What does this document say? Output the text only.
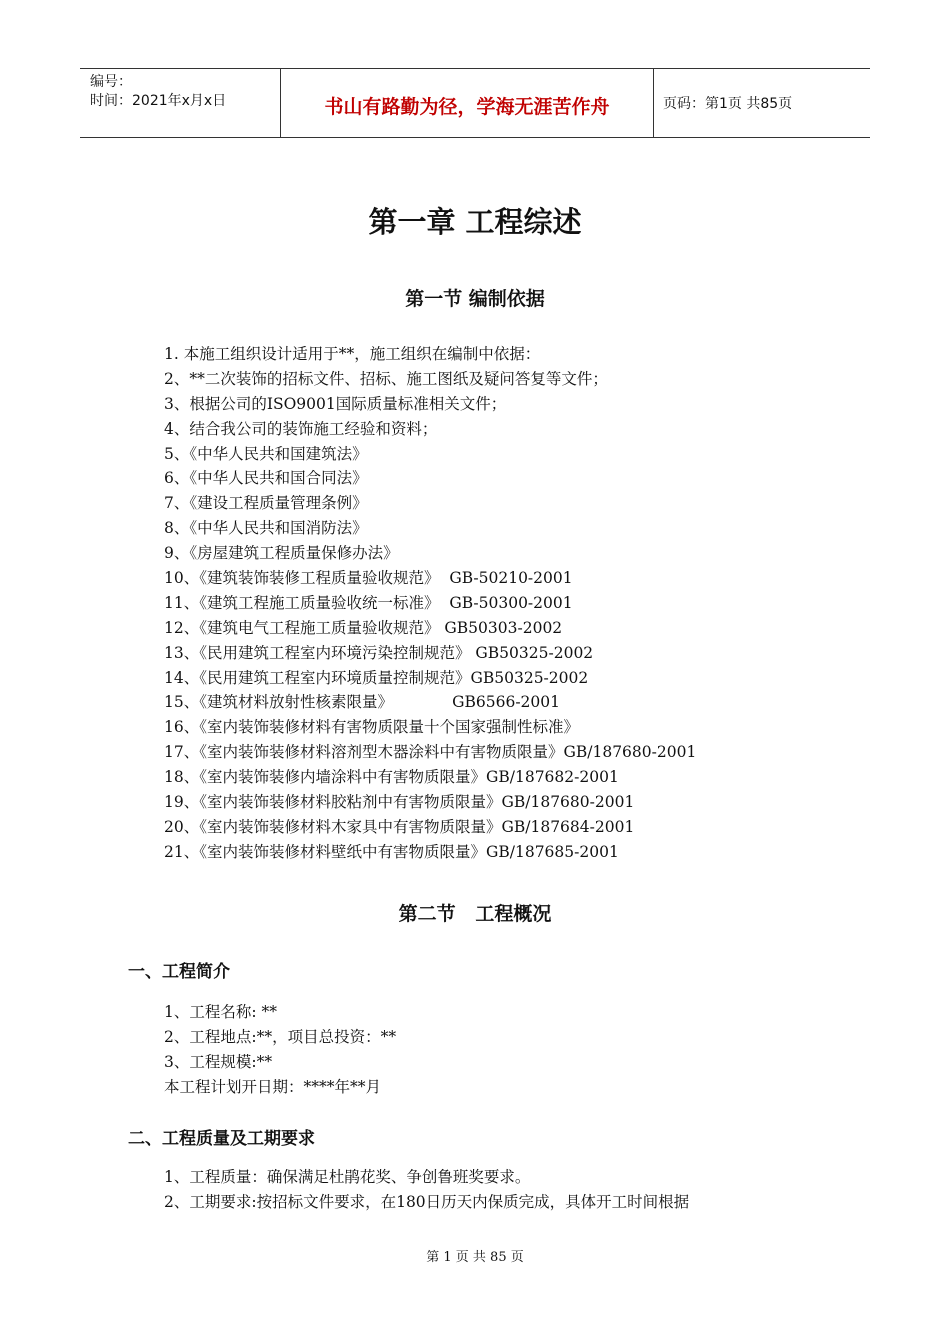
编号：
时间：2021年x月x日	书山有路勤为径，学海无涯苦作舟	页码：第1页 共85页
第一章 工程综述
第一节 编制依据
1. 本施工组织设计适用于**，施工组织在编制中依据：
2、**二次装饰的招标文件、招标、施工图纸及疑问答复等文件；
3、根据公司的ISO9001国际质量标准相关文件；
4、结合我公司的装饰施工经验和资料；
5、《中华人民共和国建筑法》
6、《中华人民共和国合同法》
7、《建设工程质量管理条例》
8、《中华人民共和国消防法》
9、《房屋建筑工程质量保修办法》
10、《建筑装饰装修工程质量验收规范》  GB-50210-2001
11、《建筑工程施工质量验收统一标准》  GB-50300-2001
12、《建筑电气工程施工质量验收规范》 GB50303-2002
13、《民用建筑工程室内环境污染控制规范》 GB50325-2002
14、《民用建筑工程室内环境质量控制规范》GB50325-2002
15、《建筑材料放射性核素限量》            GB6566-2001
16、《室内装饰装修材料有害物质限量十个国家强制性标准》
17、《室内装饰装修材料溶剂型木器涂料中有害物质限量》GB/187680-2001
18、《室内装饰装修内墙涂料中有害物质限量》GB/187682-2001
19、《室内装饰装修材料胶粘剂中有害物质限量》GB/187680-2001
20、《室内装饰装修材料木家具中有害物质限量》GB/187684-2001
21、《室内装饰装修材料壁纸中有害物质限量》GB/187685-2001
第二节   工程概况
一、工程简介
1、工程名称: **
2、工程地点:**，项目总投资：**
3、工程规模:**
本工程计划开日期：****年**月
二、工程质量及工期要求
1、工程质量：确保满足杜鹃花奖、争创鲁班奖要求。
2、工期要求:按招标文件要求，在180日历天内保质完成，具体开工时间根据
第 1 页 共 85 页
